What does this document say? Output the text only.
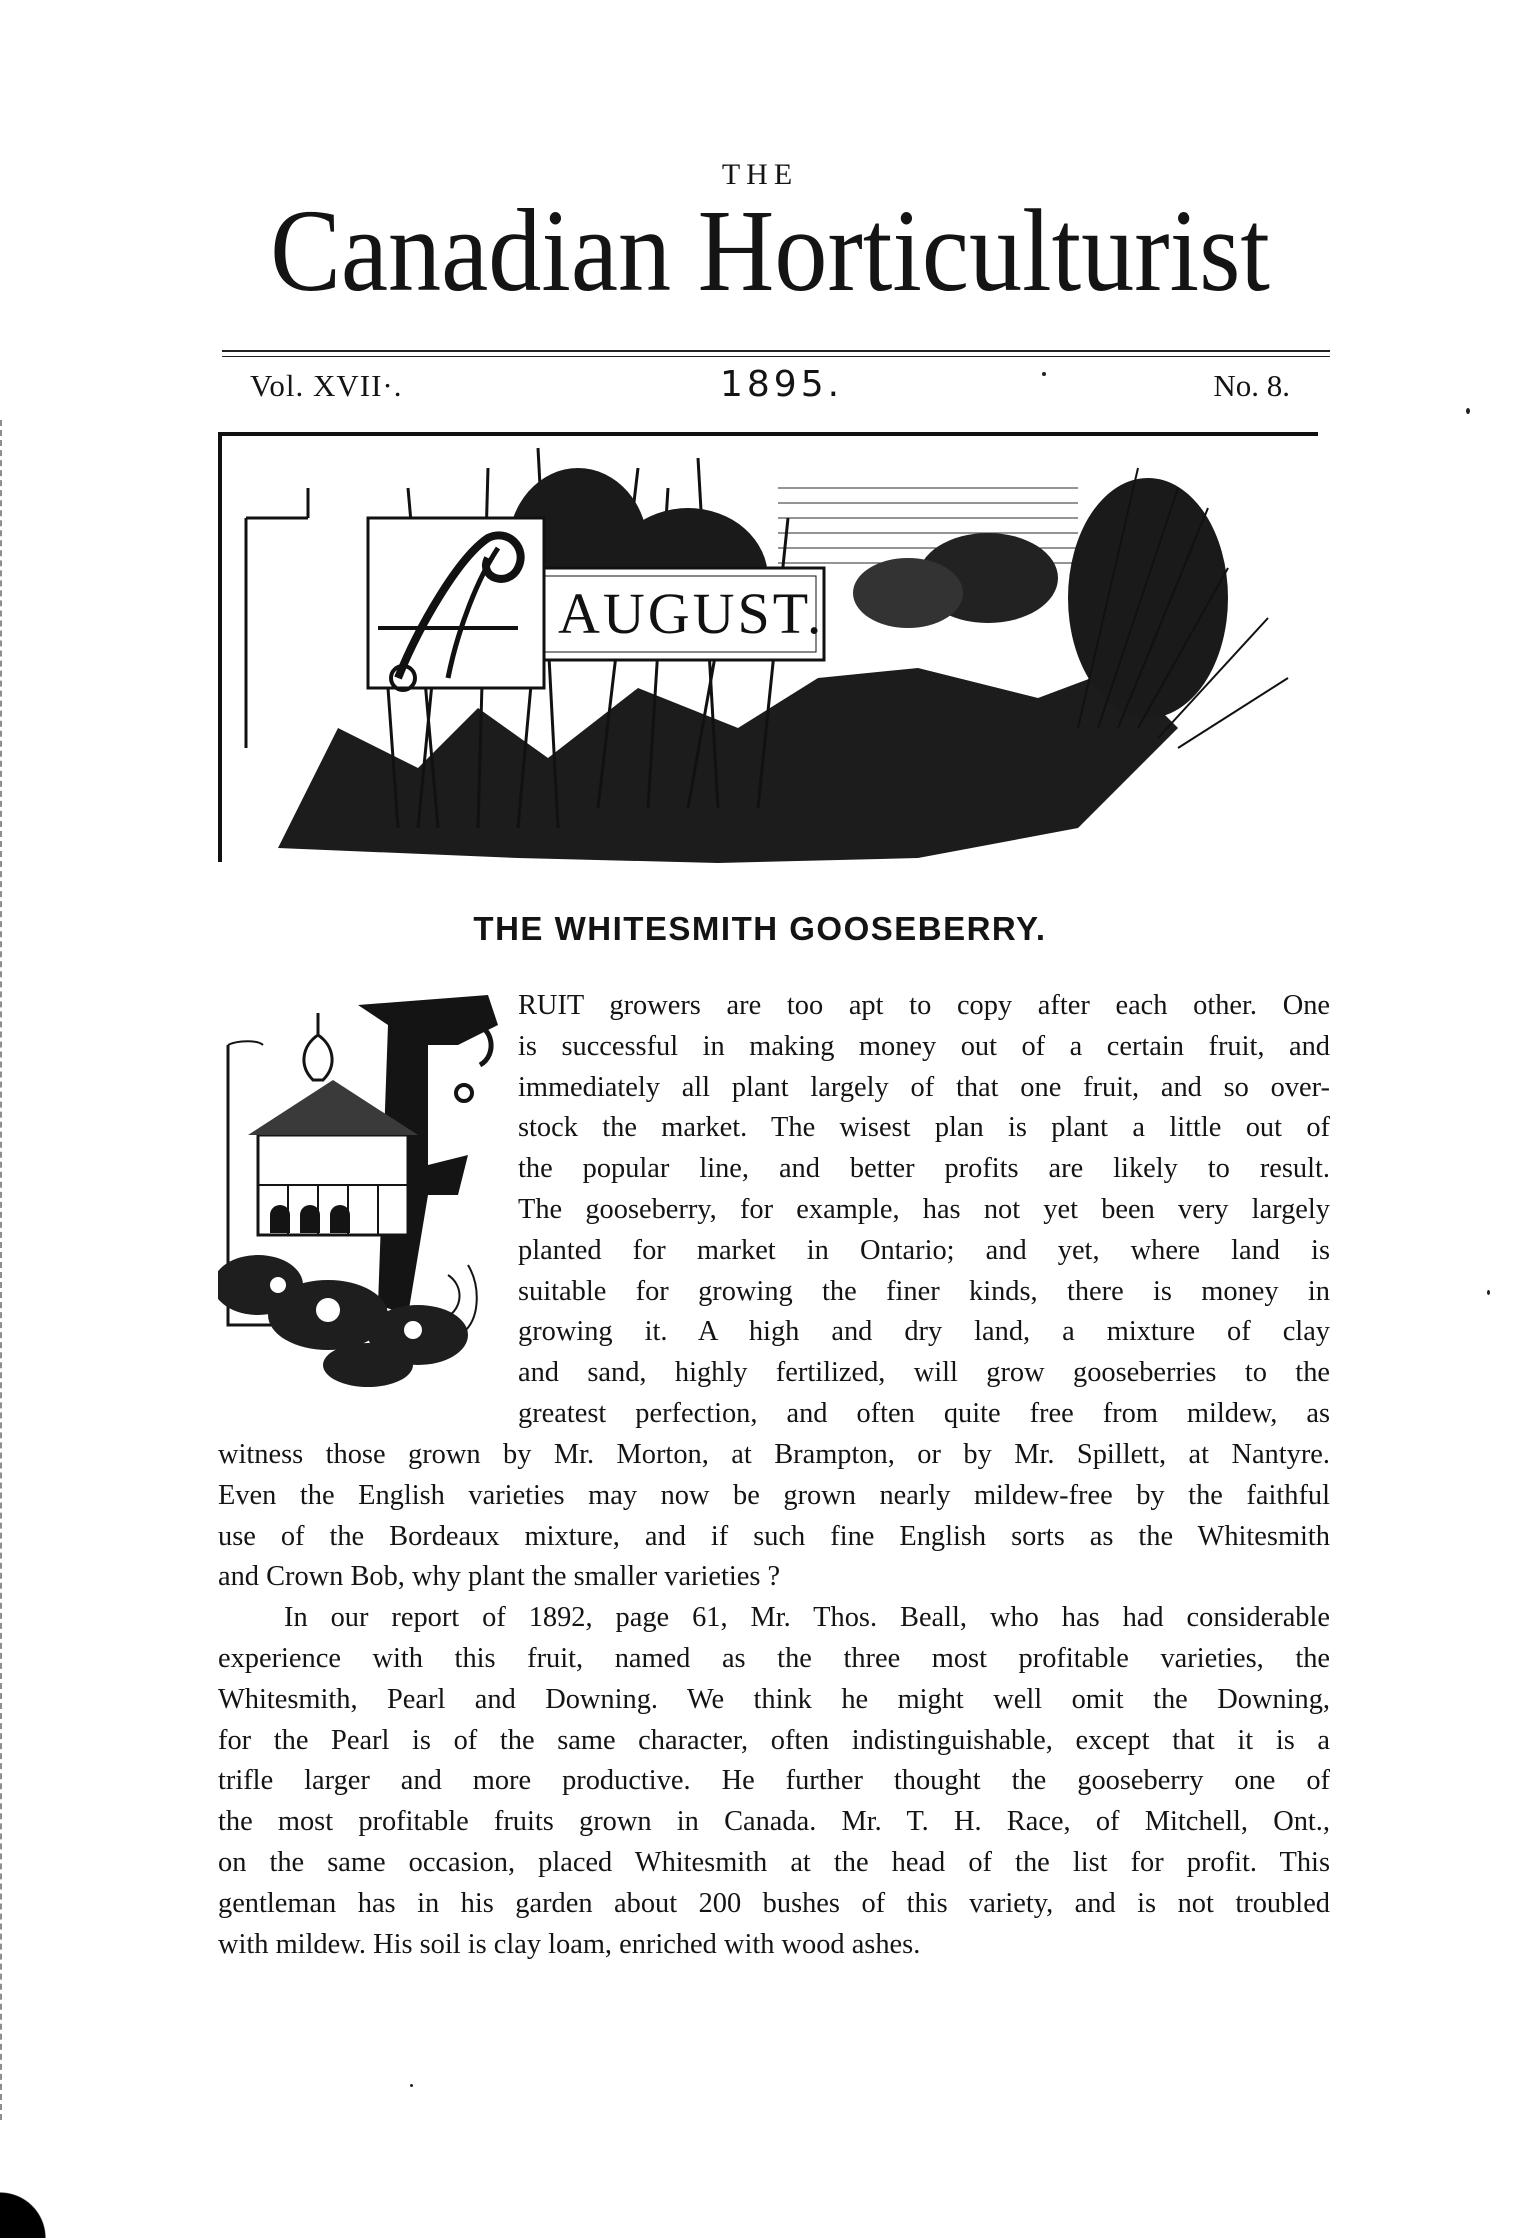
THE
Canadian Horticulturist
Vol. XVII·.	1895.	No. 8.
AUGUST.
THE WHITESMITH GOOSEBERRY.
RUIT growers are too apt to copy after each other. One
is successful in making money out of a certain fruit, and
immediately all plant largely of that one fruit, and so over-
stock the market. The wisest plan is plant a little out of
the popular line, and better profits are likely to result.
The gooseberry, for example, has not yet been very largely
planted for market in Ontario; and yet, where land is
suitable for growing the finer kinds, there is money in
growing it. A high and dry land, a mixture of clay
and sand, highly fertilized, will grow gooseberries to the
greatest perfection, and often quite free from mildew, as
witness those grown by Mr. Morton, at Brampton, or by Mr. Spillett, at Nantyre.
Even the English varieties may now be grown nearly mildew-free by the faithful
use of the Bordeaux mixture, and if such fine English sorts as the Whitesmith
and Crown Bob, why plant the smaller varieties ?
In our report of 1892, page 61, Mr. Thos. Beall, who has had considerable
experience with this fruit, named as the three most profitable varieties, the
Whitesmith, Pearl and Downing. We think he might well omit the Downing,
for the Pearl is of the same character, often indistinguishable, except that it is a
trifle larger and more productive. He further thought the gooseberry one of
the most profitable fruits grown in Canada. Mr. T. H. Race, of Mitchell, Ont.,
on the same occasion, placed Whitesmith at the head of the list for profit. This
gentleman has in his garden about 200 bushes of this variety, and is not troubled
with mildew. His soil is clay loam, enriched with wood ashes.
